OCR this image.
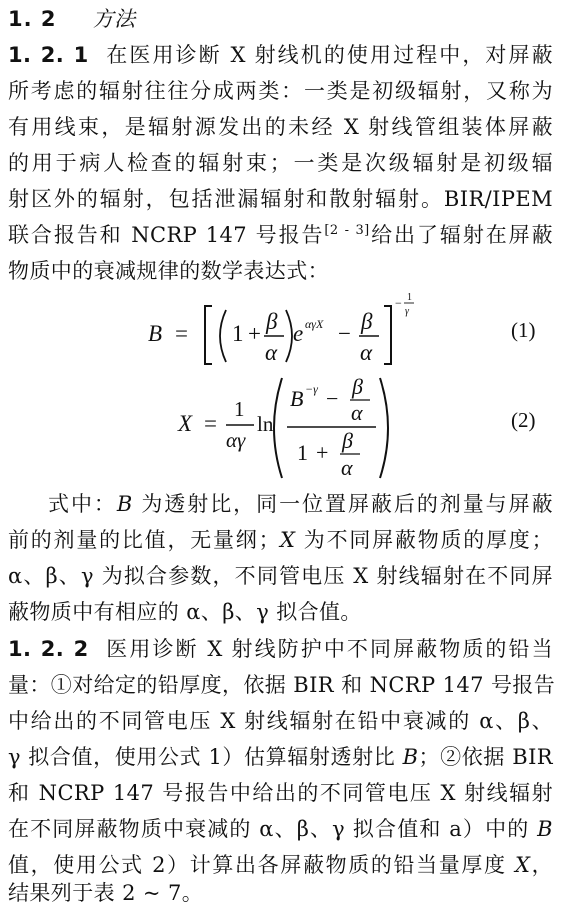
1. 2 方法
1. 2. 1 在医用诊断 X 射线机的使用过程中，对屏蔽
所考虑的辐射往往分成两类：一类是初级辐射，又称为
有用线束，是辐射源发出的未经 X 射线管组装体屏蔽
的用于病人检查的辐射束；一类是次级辐射是初级辐
射区外的辐射，包括泄漏辐射和散射辐射。BIR/IPEM
联合报告和 NCRP 147 号报告[2 - 3]给出了辐射在屏蔽
物质中的衰减规律的数学表达式：
B = 1 + β
α
e αγX − β
α
− 1
γ
(1)
X =
1
αγ
ln
B −γ − β
α
1 + β
α
(2)
式中：B 为透射比，同一位置屏蔽后的剂量与屏蔽
前的剂量的比值，无量纲；X 为不同屏蔽物质的厚度；
α、β、γ 为拟合参数，不同管电压 X 射线辐射在不同屏
蔽物质中有相应的 α、β、γ 拟合值。
1. 2. 2 医用诊断 X 射线防护中不同屏蔽物质的铅当
量：①对给定的铅厚度，依据 BIR 和 NCRP 147 号报告
中给出的不同管电压 X 射线辐射在铅中衰减的 α、β、
γ 拟合值，使用公式 1）估算辐射透射比 B；②依据 BIR
和 NCRP 147 号报告中给出的不同管电压 X 射线辐射
在不同屏蔽物质中衰减的 α、β、γ 拟合值和 a）中的 B
值，使用公式 2）计算出各屏蔽物质的铅当量厚度 X，
结果列于表 2 ~ 7。
